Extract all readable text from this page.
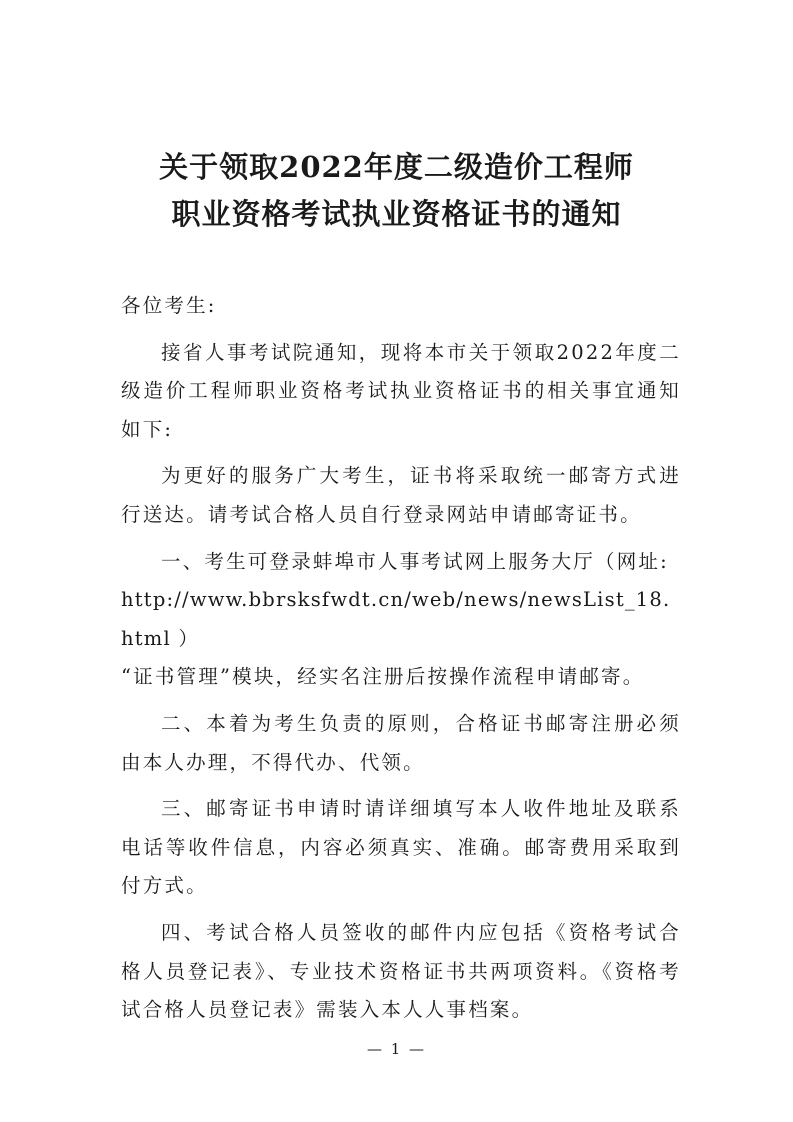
关于领取2022年度二级造价工程师
职业资格考试执业资格证书的通知

各位考生:

接省人事考试院通知，现将本市关于领取2022年度二级造价工程师职业资格考试执业资格证书的相关事宜通知如下:

为更好的服务广大考生，证书将采取统一邮寄方式进行送达。请考试合格人员自行登录网站申请邮寄证书。

一、考生可登录蚌埠市人事考试网上服务大厅（网址:
http://www.bbrsksfwdt.cn/web/news/newsList_18.html ）
“证书管理”模块，经实名注册后按操作流程申请邮寄。

二、本着为考生负责的原则，合格证书邮寄注册必须由本人办理，不得代办、代领。

三、邮寄证书申请时请详细填写本人收件地址及联系电话等收件信息，内容必须真实、准确。邮寄费用采取到付方式。

四、考试合格人员签收的邮件内应包括《资格考试合格人员登记表》、专业技术资格证书共两项资料。《资格考试合格人员登记表》需装入本人人事档案。

— 1 —
